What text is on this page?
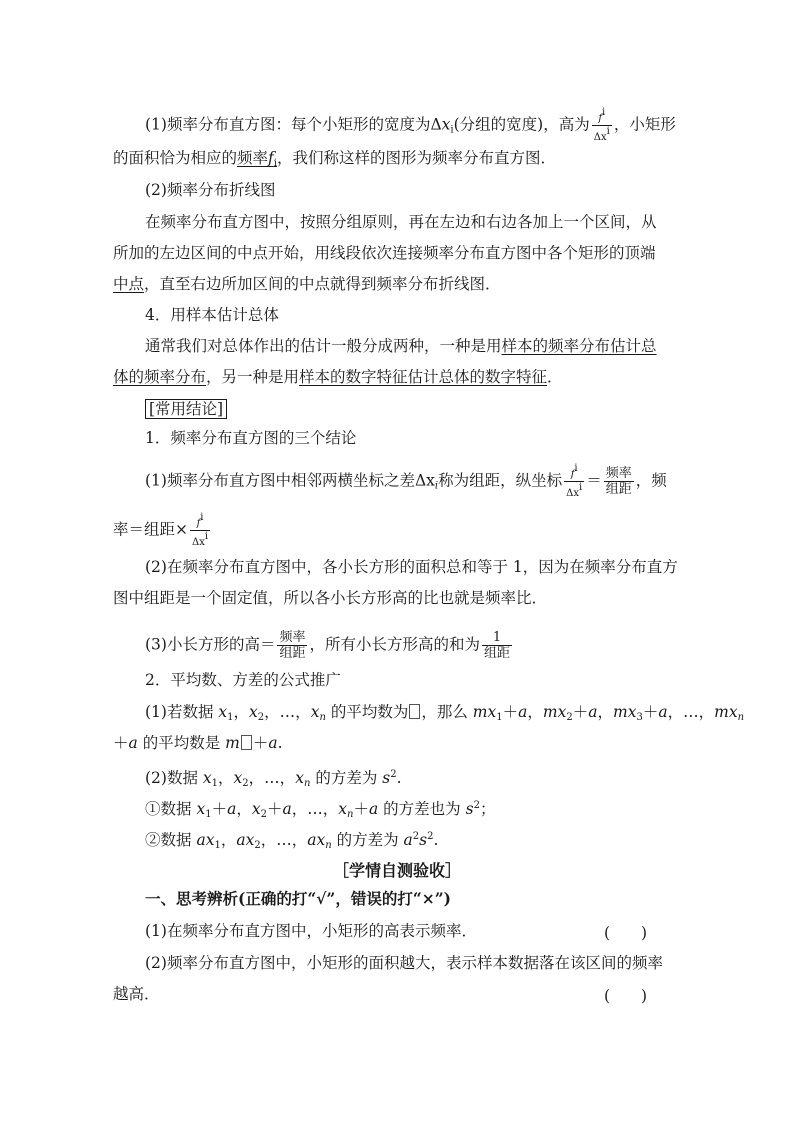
(1)频率分布直方图：每个小矩形的宽度为$\Delta x_i$(分组的宽度)，高为 $\frac{f^i}{\Delta x^i}$ ，小矩形
的面积恰为相应的频率$f_i$，我们称这样的图形为频率分布直方图．
(2)频率分布折线图
在频率分布直方图中，按照分组原则，再在左边和右边各加上一个区间，从
所加的左边区间的中点开始，用线段依次连接频率分布直方图中各个矩形的顶端
中点，直至右边所加区间的中点就得到频率分布折线图．
4．用样本估计总体
通常我们对总体作出的估计一般分成两种，一种是用样本的频率分布估计总
体的频率分布，另一种是用样本的数字特征估计总体的数字特征．
[常用结论]
1．频率分布直方图的三个结论
(1)频率分布直方图中相邻两横坐标之差$\Delta x_i$称为组距，纵坐标 $\frac{f^i}{\Delta x^i} = \frac{\text{频率}}{\text{组距}}$ ，频
率＝组距× $\frac{f^i}{\Delta x^i}$
(2)在频率分布直方图中，各小长方形的面积总和等于 1，因为在频率分布直方
图中组距是一个固定值，所以各小长方形高的比也就是频率比．
(3)小长方形的高＝ $\frac{\text{频率}}{\text{组距}}$ ，所有小长方形高的和为 $\frac{1}{\text{组距}}$
2．平均数、方差的公式推广
(1)若数据 $x_1$，$x_2$，…，$x_n$ 的平均数为 ，那么 $mx_1+a$，$mx_2+a$，$mx_3+a$，…，$mx_n$
＋a 的平均数是 m ＋a.
(2)数据 $x_1$，$x_2$，…，$x_n$ 的方差为 $s^2$.
①数据 $x_1+a$，$x_2+a$，…，$x_n+a$ 的方差也为 $s^2$；
②数据 $ax_1$，$ax_2$，…，$ax_n$ 的方差为 $a^2s^2$.
［学情自测验收］
一、思考辨析(正确的打“√”，错误的打“×”)
(1)在频率分布直方图中，小矩形的高表示频率．	(　　)
(2)频率分布直方图中，小矩形的面积越大，表示样本数据落在该区间的频率
越高．	(　　)
